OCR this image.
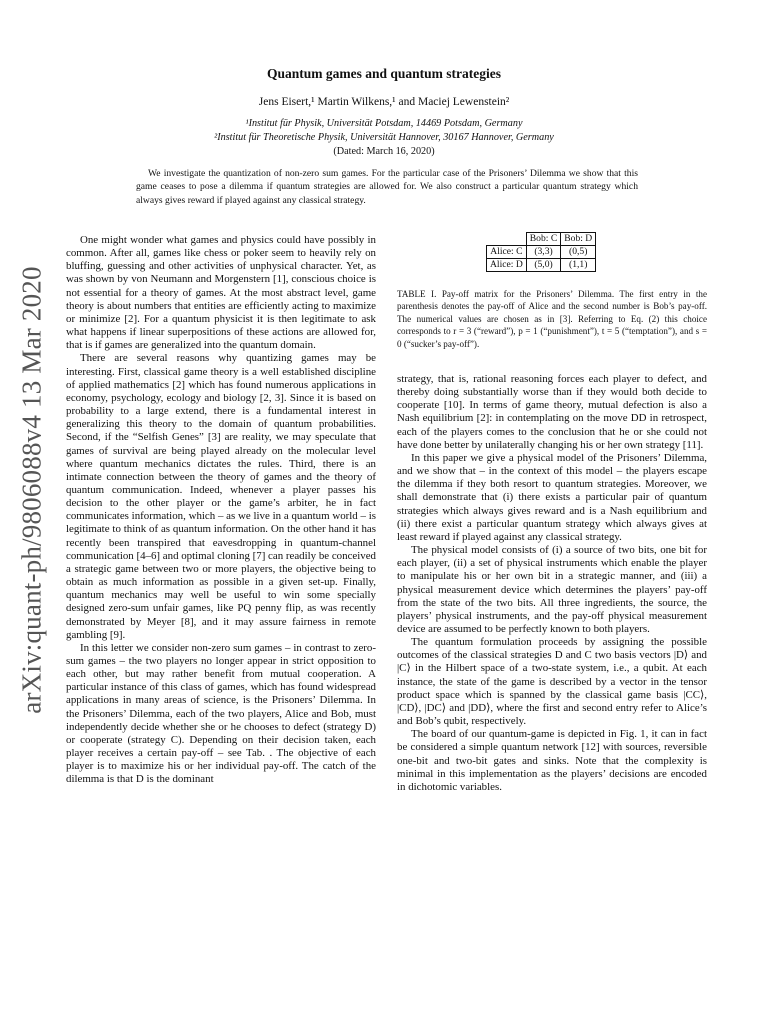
arXiv:quant-ph/9806088v4 13 Mar 2020
Quantum games and quantum strategies
Jens Eisert,¹ Martin Wilkens,¹ and Maciej Lewenstein²
¹Institut für Physik, Universität Potsdam, 14469 Potsdam, Germany
²Institut für Theoretische Physik, Universität Hannover, 30167 Hannover, Germany
(Dated: March 16, 2020)
We investigate the quantization of non-zero sum games. For the particular case of the Prisoners’ Dilemma we show that this game ceases to pose a dilemma if quantum strategies are allowed for. We also construct a particular quantum strategy which always gives reward if played against any classical strategy.

One might wonder what games and physics could have possibly in common. After all, games like chess or poker seem to heavily rely on bluffing, guessing and other activities of unphysical character. Yet, as was shown by von Neumann and Morgenstern [1], conscious choice is not essential for a theory of games. At the most abstract level, game theory is about numbers that entities are efficiently acting to maximize or minimize [2]. For a quantum physicist it is then legitimate to ask what happens if linear superpositions of these actions are allowed for, that is if games are generalized into the quantum domain.

There are several reasons why quantizing games may be interesting. First, classical game theory is a well established discipline of applied mathematics [2] which has found numerous applications in economy, psychology, ecology and biology [2, 3]. Since it is based on probability to a large extend, there is a fundamental interest in generalizing this theory to the domain of quantum probabilities. Second, if the “Selfish Genes” [3] are reality, we may speculate that games of survival are being played already on the molecular level where quantum mechanics dictates the rules. Third, there is an intimate connection between the theory of games and the theory of quantum communication. Indeed, whenever a player passes his decision to the other player or the game’s arbiter, he in fact communicates information, which – as we live in a quantum world – is legitimate to think of as quantum information. On the other hand it has recently been transpired that eavesdropping in quantum-channel communication [4–6] and optimal cloning [7] can readily be conceived a strategic game between two or more players, the objective being to obtain as much information as possible in a given set-up. Finally, quantum mechanics may well be useful to win some specially designed zero-sum unfair games, like PQ penny flip, as was recently demonstrated by Meyer [8], and it may assure fairness in remote gambling [9].

In this letter we consider non-zero sum games – in contrast to zero-sum games – the two players no longer appear in strict opposition to each other, but may rather benefit from mutual cooperation. A particular instance of this class of games, which has found widespread applications in many areas of science, is the Prisoners’ Dilemma. In the Prisoners’ Dilemma, each of the two players, Alice and Bob, must independently decide whether she or he chooses to defect (strategy D) or cooperate (strategy C). Depending on their decision taken, each player receives a certain pay-off – see Tab. . The objective of each player is to maximize his or her individual pay-off. The catch of the dilemma is that D is the dominant

	Bob: C	Bob: D
Alice: C	(3,3)	(0,5)
Alice: D	(5,0)	(1,1)
TABLE I. Pay-off matrix for the Prisoners’ Dilemma. The first entry in the parenthesis denotes the pay-off of Alice and the second number is Bob’s pay-off. The numerical values are chosen as in [3]. Referring to Eq. (2) this choice corresponds to r = 3 (“reward”), p = 1 (“punishment”), t = 5 (“temptation”), and s = 0 (“sucker’s pay-off”).

strategy, that is, rational reasoning forces each player to defect, and thereby doing substantially worse than if they would both decide to cooperate [10]. In terms of game theory, mutual defection is also a Nash equilibrium [2]: in contemplating on the move DD in retrospect, each of the players comes to the conclusion that he or she could not have done better by unilaterally changing his or her own strategy [11].

In this paper we give a physical model of the Prisoners’ Dilemma, and we show that – in the context of this model – the players escape the dilemma if they both resort to quantum strategies. Moreover, we shall demonstrate that (i) there exists a particular pair of quantum strategies which always gives reward and is a Nash equilibrium and (ii) there exist a particular quantum strategy which always gives at least reward if played against any classical strategy.

The physical model consists of (i) a source of two bits, one bit for each player, (ii) a set of physical instruments which enable the player to manipulate his or her own bit in a strategic manner, and (iii) a physical measurement device which determines the players’ pay-off from the state of the two bits. All three ingredients, the source, the players’ physical instruments, and the pay-off physical measurement device are assumed to be perfectly known to both players.

The quantum formulation proceeds by assigning the possible outcomes of the classical strategies D and C two basis vectors |D⟩ and |C⟩ in the Hilbert space of a two-state system, i.e., a qubit. At each instance, the state of the game is described by a vector in the tensor product space which is spanned by the classical game basis |CC⟩, |CD⟩, |DC⟩ and |DD⟩, where the first and second entry refer to Alice’s and Bob’s qubit, respectively.

The board of our quantum-game is depicted in Fig. 1, it can in fact be considered a simple quantum network [12] with sources, reversible one-bit and two-bit gates and sinks. Note that the complexity is minimal in this implementation as the players’ decisions are encoded in dichotomic variables.
